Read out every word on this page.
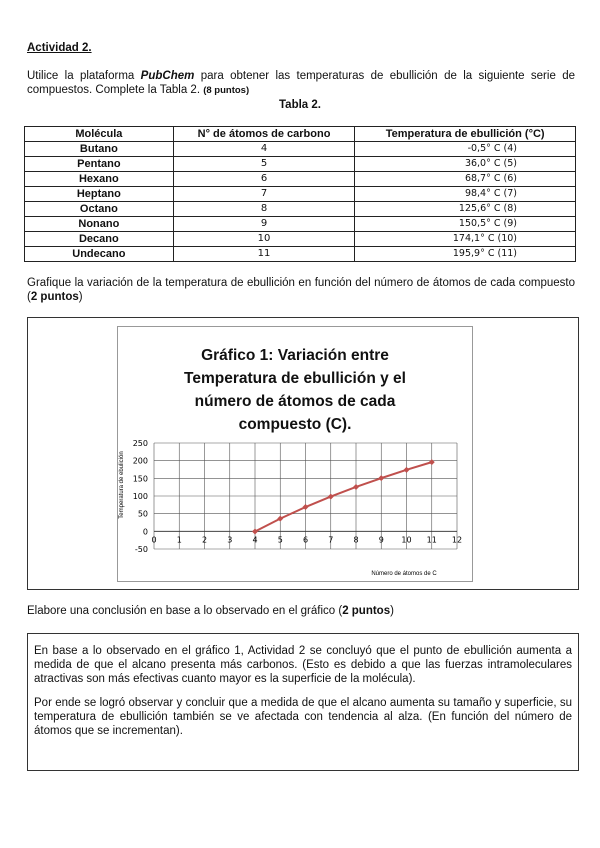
Actividad 2.
Utilice la plataforma PubChem para obtener las temperaturas de ebullición de la siguiente serie de compuestos. Complete la Tabla 2. (8 puntos)
Tabla 2.
Molécula	N° de átomos de carbono	Temperatura de ebullición (°C)
Butano	4	-0,5° C (4)
Pentano	5	36,0° C (5)
Hexano	6	68,7° C (6)
Heptano	7	98,4° C (7)
Octano	8	125,6° C (8)
Nonano	9	150,5° C (9)
Decano	10	174,1° C (10)
Undecano	11	195,9° C (11)
Grafique la variación de la temperatura de ebullición en función del número de átomos de cada compuesto (2 puntos)
Gráfico 1: Variación entre
Temperatura de ebullición y el
número de átomos de cada
compuesto (C).
-50
0
50
100
150
200
250
0	1	2	3	4	5	6	7	8	9 10 11 12
Número de átomos de C
Temperatura de ebulición
Elabore una conclusión en base a lo observado en el gráfico (2 puntos)

En base a lo observado en el gráfico 1, Actividad 2 se concluyó que el punto de ebullición aumenta a medida de que el alcano presenta más carbonos. (Esto es debido a que las fuerzas intramoleculares atractivas son más efectivas cuanto mayor es la superficie de la molécula).

Por ende se logró observar y concluir que a medida de que el alcano aumenta su tamaño y superficie, su temperatura de ebullición también se ve afectada con tendencia al alza. (En función del número de átomos que se incrementan).
